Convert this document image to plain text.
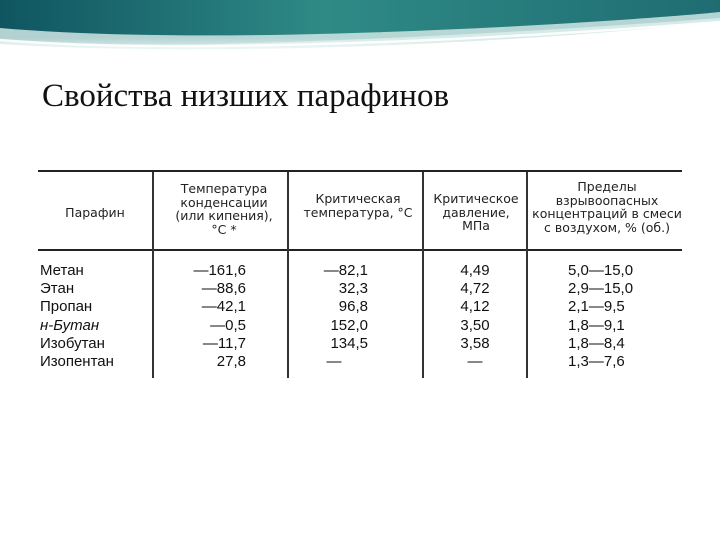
Свойства низших парафинов
Парафин
Температура конденсации (или кипения), °С *
Критическая температура, °С
Критическое давление, МПа
Пределы взрывоопасных концентраций в смеси с воздухом, % (об.)
Метан
Этан
Пропан
н-Бутан
Изобутан
Изопентан
—161,6
—88,6
—42,1
—0,5
—11,7
27,8
—82,1
32,3
96,8
152,0
134,5
—
4,49
4,72
4,12
3,50
3,58
—
5,0—15,0
2,9—15,0
2,1—9,5
1,8—9,1
1,8—8,4
1,3—7,6
